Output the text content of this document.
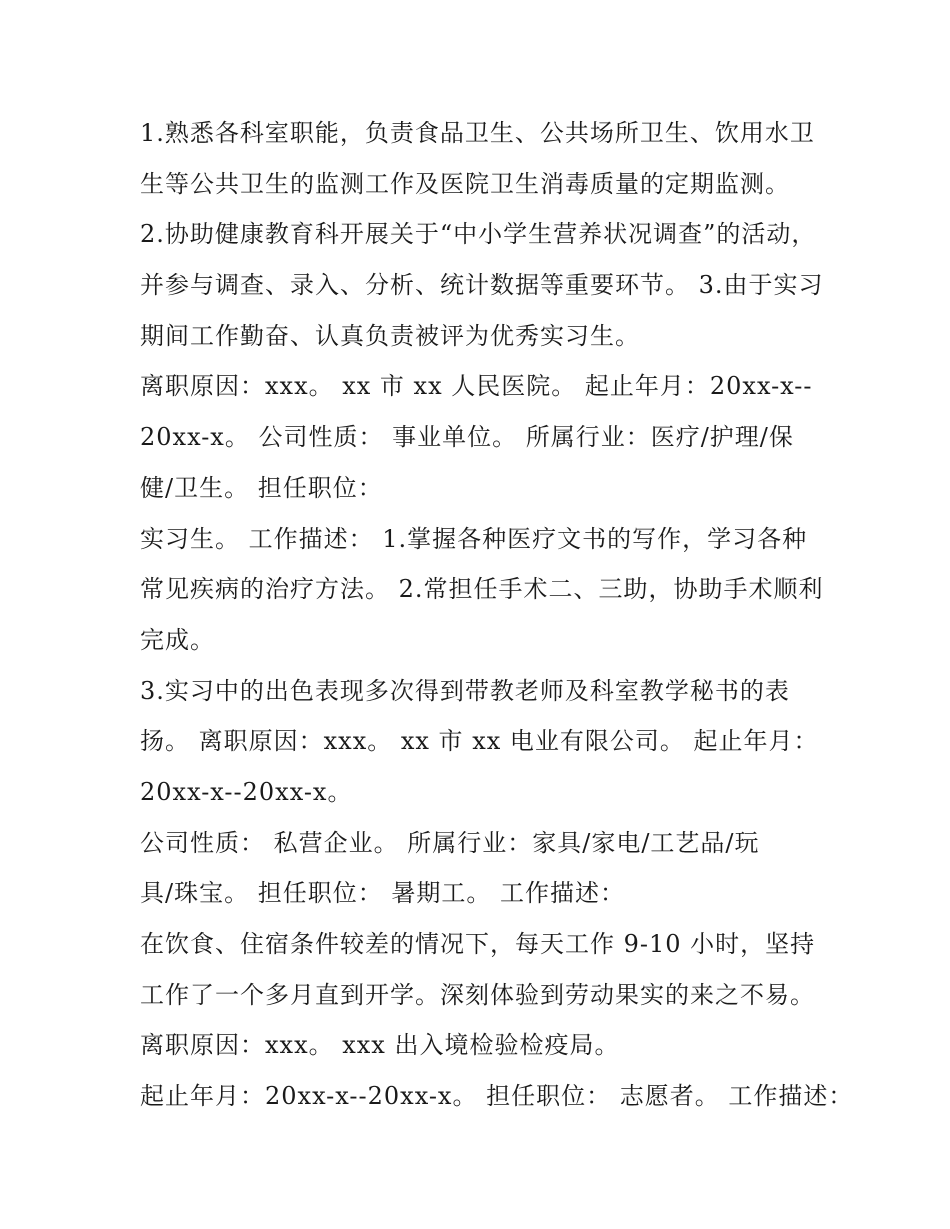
1.熟悉各科室职能，负责食品卫生、公共场所卫生、饮用水卫
生等公共卫生的监测工作及医院卫生消毒质量的定期监测。
2.协助健康教育科开展关于“中小学生营养状况调查”的活动，
并参与调查、录入、分析、统计数据等重要环节。 3.由于实习
期间工作勤奋、认真负责被评为优秀实习生。
离职原因：xxx。 xx 市 xx 人民医院。 起止年月：20xx-x--
20xx-x。 公司性质： 事业单位。 所属行业：医疗/护理/保
健/卫生。 担任职位：
实习生。 工作描述： 1.掌握各种医疗文书的写作，学习各种
常见疾病的治疗方法。 2.常担任手术二、三助，协助手术顺利
完成。
3.实习中的出色表现多次得到带教老师及科室教学秘书的表
扬。 离职原因：xxx。 xx 市 xx 电业有限公司。 起止年月：
20xx-x--20xx-x。
公司性质： 私营企业。 所属行业：家具/家电/工艺品/玩
具/珠宝。 担任职位： 暑期工。 工作描述：
在饮食、住宿条件较差的情况下，每天工作 9-10 小时，坚持
工作了一个多月直到开学。深刻体验到劳动果实的来之不易。
离职原因：xxx。 xxx 出入境检验检疫局。
起止年月：20xx-x--20xx-x。 担任职位： 志愿者。 工作描述：
